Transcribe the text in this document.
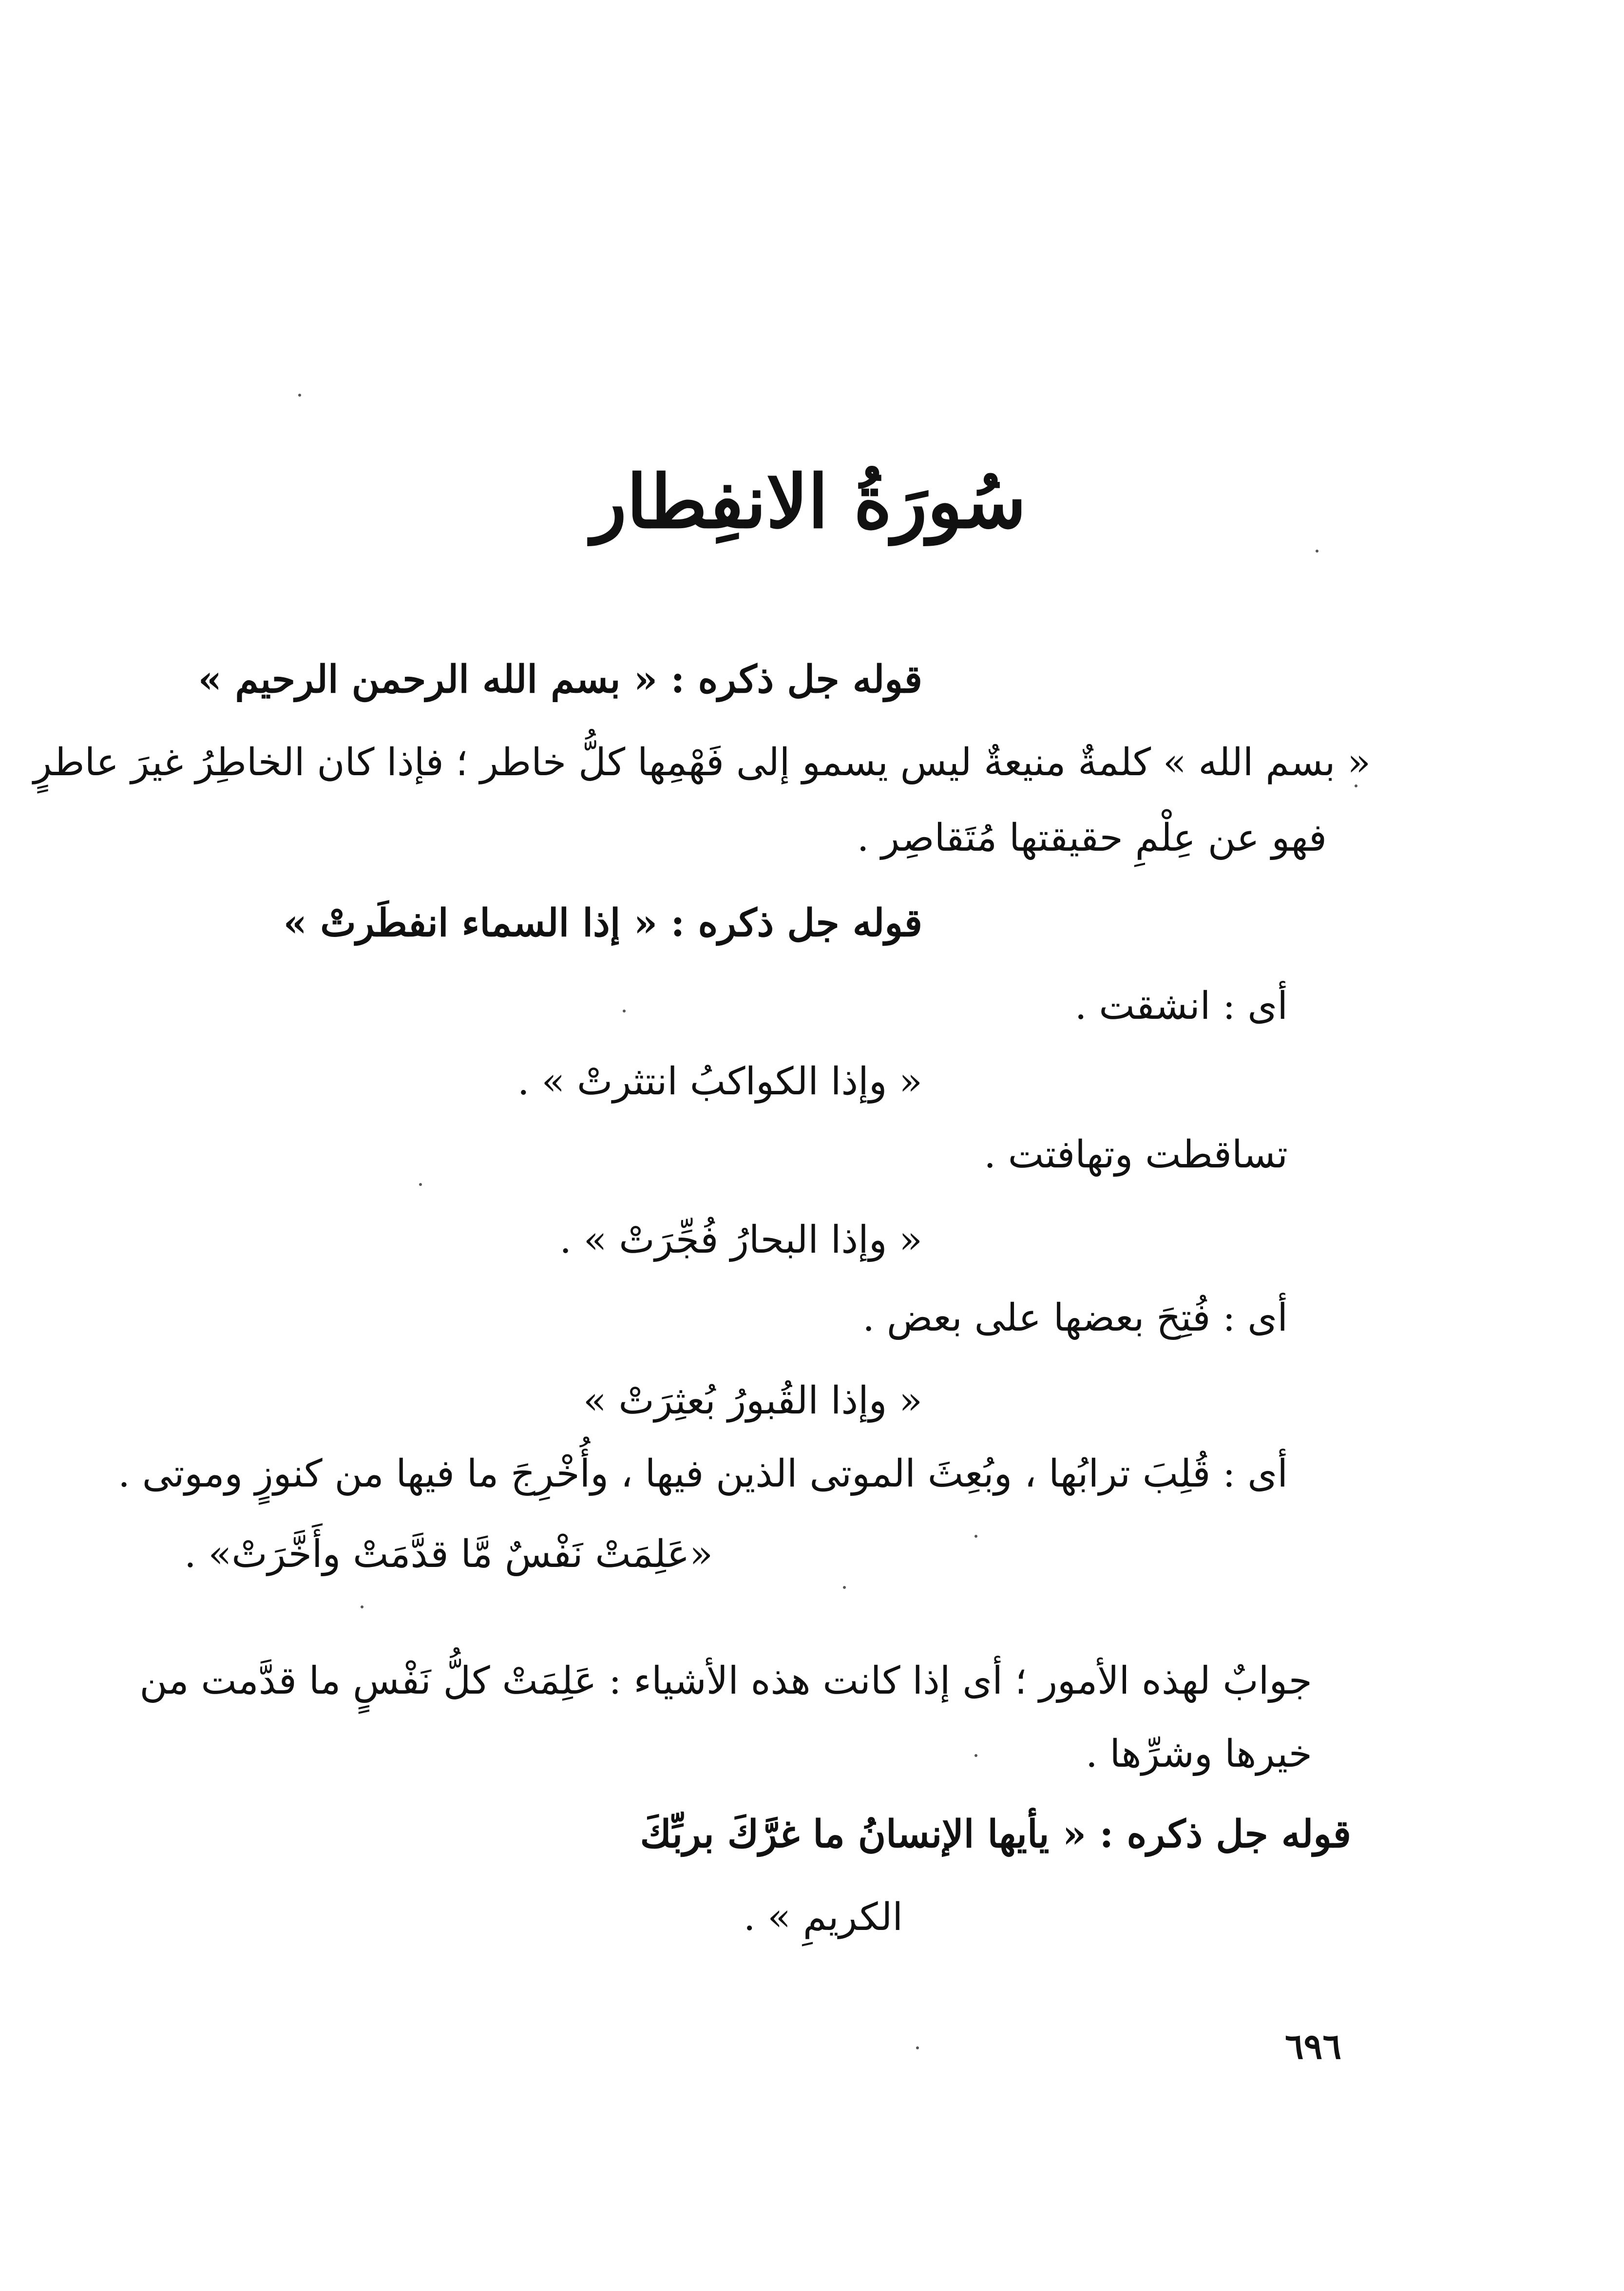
سُورَةُ الانفِطار
قوله جل ذكره : « بسم الله الرحمن الرحيم »
« بسم الله » كلمةٌ منيعةٌ ليس يسمو إلى فَهْمِها كلُّ خاطر ؛ فإذا كان الخاطِرُ غيرَ عاطرٍ
فهو عن عِلْمِ حقيقتها مُتَقاصِر .
قوله جل ذكره : « إذا السماء انفطَرتْ »
أى : انشقت .
« وإذا الكواكبُ انتثرتْ » .
تساقطت وتهافتت .
« وإذا البحارُ فُجِّرَتْ » .
أى : فُتِحَ بعضها على بعض .
« وإذا القُبورُ بُعثِرَتْ »
أى : قُلِبَ ترابُها ، وبُعِثَ الموتى الذين فيها ، وأُخْرِجَ ما فيها من كنوزٍ وموتى .
«عَلِمَتْ نَفْسٌ مَّا قدَّمَتْ وأَخَّرَتْ» .
جوابٌ لهذه الأمور ؛ أى إذا كانت هذه الأشياء : عَلِمَتْ كلُّ نَفْسٍ ما قدَّمت من
خيرها وشرِّها .
قوله جل ذكره : « يأيها الإنسانُ ما غرَّكَ بربِّكَ
الكريمِ » .
٦٩٦
